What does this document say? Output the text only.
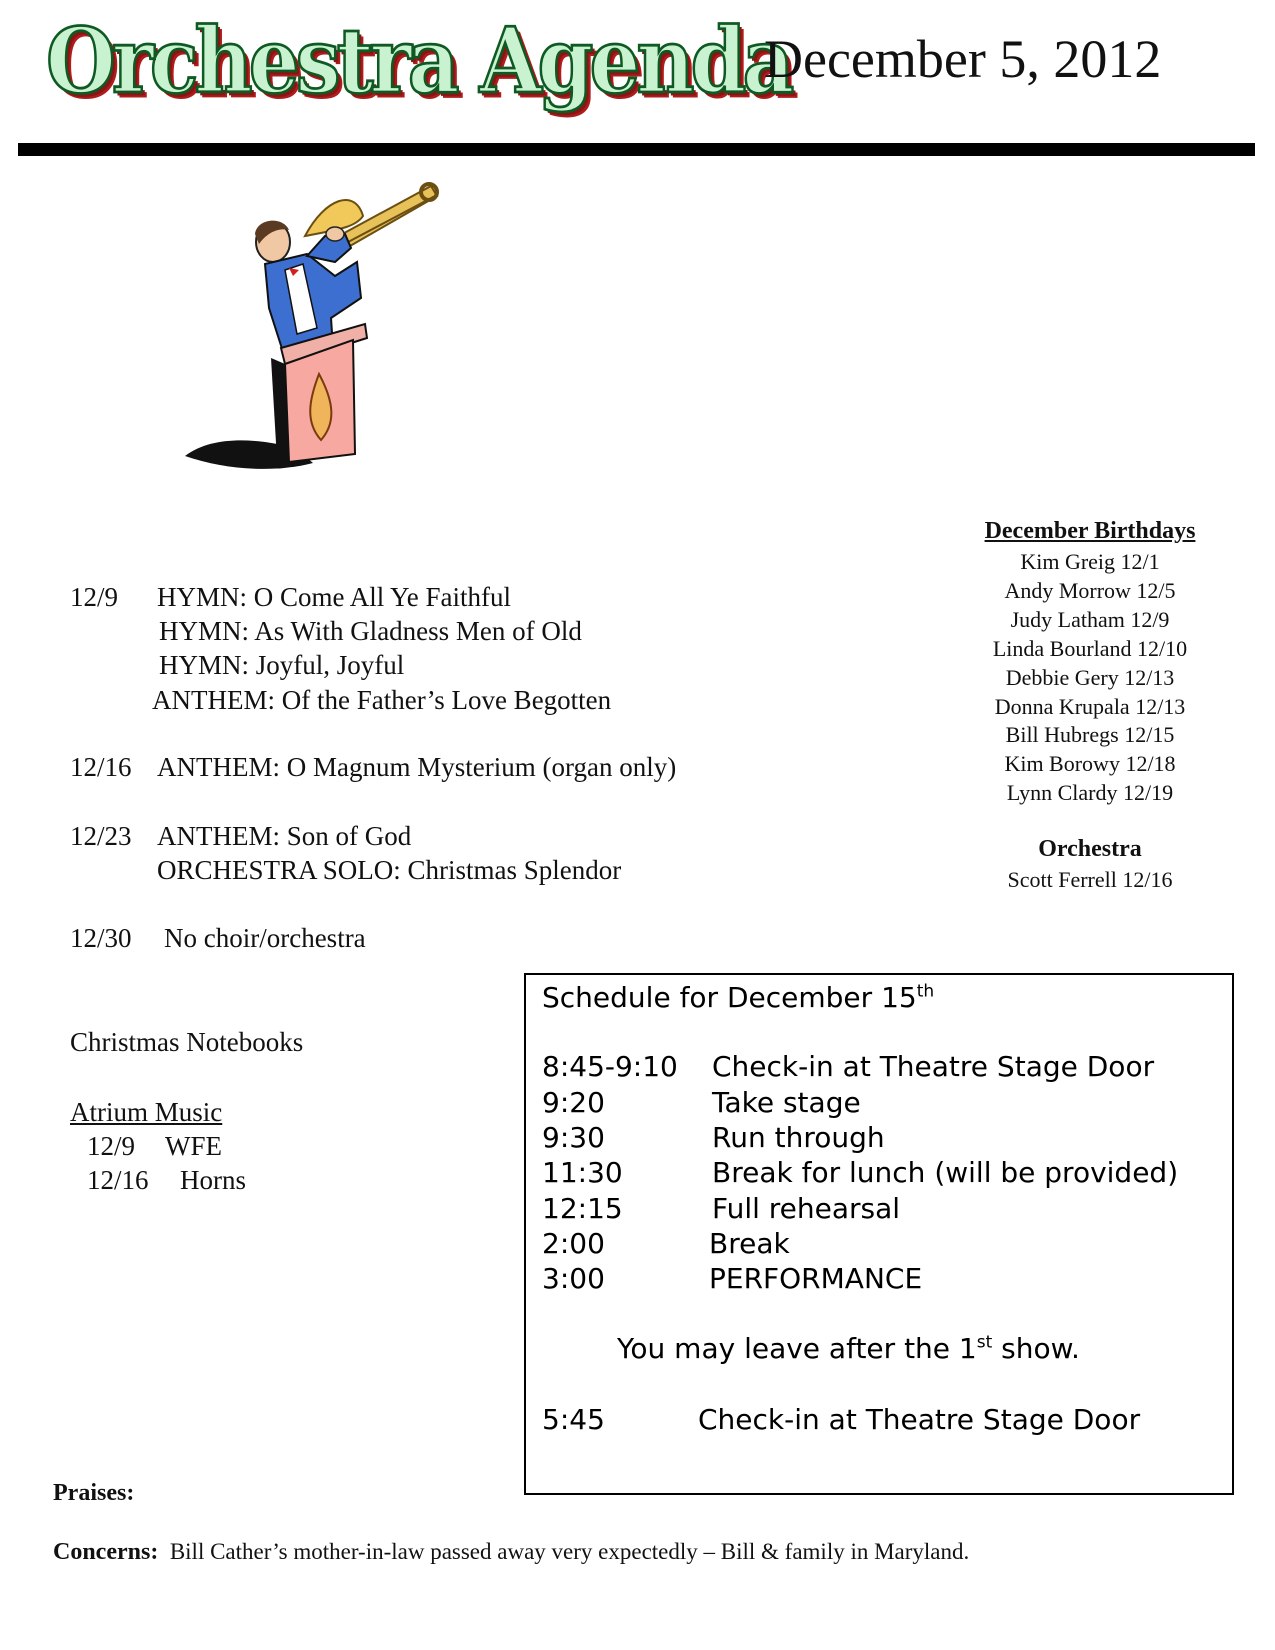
Orchestra Agenda
December 5, 2012
12/9 HYMN: O Come All Ye Faithful
HYMN: As With Gladness Men of Old
HYMN: Joyful, Joyful
ANTHEM: Of the Father’s Love Begotten
12/16 ANTHEM: O Magnum Mysterium (organ only)
12/23 ANTHEM: Son of God
ORCHESTRA SOLO: Christmas Splendor
12/30 No choir/orchestra
Christmas Notebooks
Atrium Music
12/9 WFE
12/16 Horns
December Birthdays
Kim Greig 12/1
Andy Morrow 12/5
Judy Latham 12/9
Linda Bourland 12/10
Debbie Gery 12/13
Donna Krupala 12/13
Bill Hubregs 12/15
Kim Borowy 12/18
Lynn Clardy 12/19
Orchestra
Scott Ferrell 12/16
Schedule for December 15th
8:45-9:10 Check-in at Theatre Stage Door
9:20	Take stage
9:30	Run through
11:30	Break for lunch (will be provided)
12:15	Full rehearsal
2:00	Break
3:00	PERFORMANCE
You may leave after the 1st show.
5:45	Check-in at Theatre Stage Door
Praises:
Concerns: Bill Cather’s mother-in-law passed away very expectedly – Bill & family in Maryland.
